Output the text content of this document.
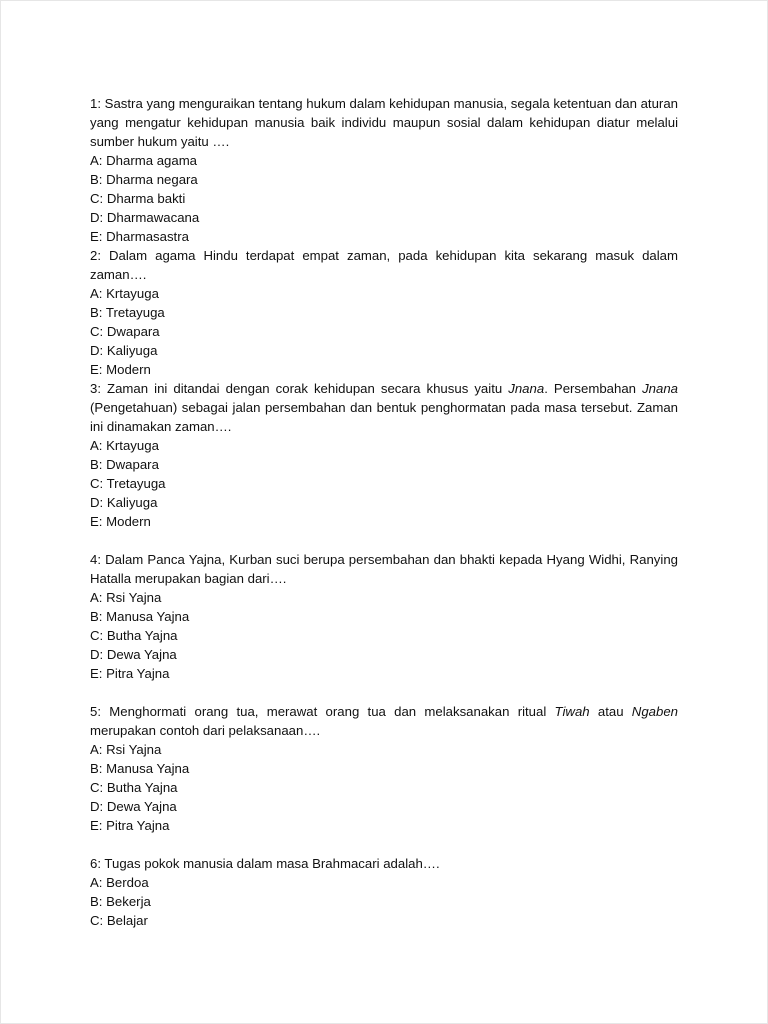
1: Sastra yang menguraikan tentang hukum dalam kehidupan manusia, segala ketentuan dan aturan yang mengatur kehidupan manusia baik individu maupun sosial dalam kehidupan diatur melalui sumber hukum yaitu ….

A: Dharma agama
B: Dharma negara
C: Dharma bakti
D: Dharmawacana
E: Dharmasastra

2: Dalam agama Hindu terdapat empat zaman, pada kehidupan kita sekarang masuk dalam zaman….

A: Krtayuga
B: Tretayuga
C: Dwapara
D: Kaliyuga
E: Modern

3: Zaman ini ditandai dengan corak kehidupan secara khusus yaitu Jnana. Persembahan Jnana (Pengetahuan) sebagai jalan persembahan dan bentuk penghormatan pada masa tersebut. Zaman ini dinamakan zaman….

A: Krtayuga
B: Dwapara
C: Tretayuga
D: Kaliyuga
E: Modern

4: Dalam Panca Yajna, Kurban suci berupa persembahan dan bhakti kepada Hyang Widhi, Ranying Hatalla merupakan bagian dari….

A: Rsi Yajna
B: Manusa Yajna
C: Butha Yajna
D: Dewa Yajna
E: Pitra Yajna

5: Menghormati orang tua, merawat orang tua dan melaksanakan ritual Tiwah atau Ngaben merupakan contoh dari pelaksanaan….

A: Rsi Yajna
B: Manusa Yajna
C: Butha Yajna
D: Dewa Yajna
E: Pitra Yajna

6: Tugas pokok manusia dalam masa Brahmacari adalah….

A: Berdoa
B: Bekerja
C: Belajar
